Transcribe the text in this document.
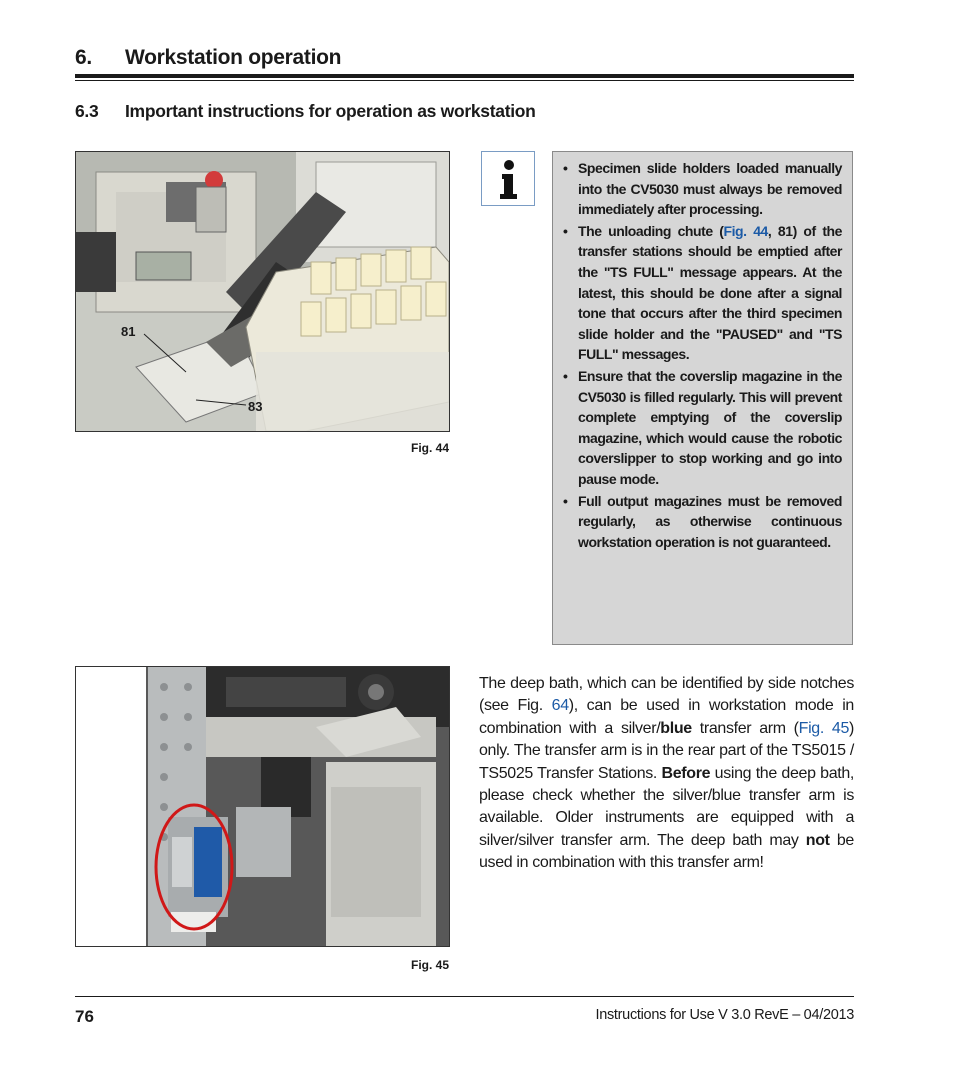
6. Workstation operation
6.3 Important instructions for operation as workstation
81
83
Fig. 44
• Specimen slide holders loaded manually into the CV5030 must always be removed immediately after processing.
• The unloading chute (Fig. 44, 81) of the transfer stations should be emptied after the "TS FULL" message appears. At the latest, this should be done after a signal tone that occurs after the third specimen slide holder and the "PAUSED" and "TS FULL" messages.
• Ensure that the coverslip magazine in the CV5030 is filled regularly. This will prevent complete emptying of the coverslip magazine, which would cause the robotic coverslipper to stop working and go into pause mode.
• Full output magazines must be removed regularly, as otherwise continuous workstation operation is not guaranteed.
Fig. 45
The deep bath, which can be identified by side notches (see Fig. 64), can be used in workstation mode in combination with a silver/blue transfer arm (Fig. 45) only. The transfer arm is in the rear part of the TS5015 / TS5025 Transfer Stations. Before using the deep bath, please check whether the silver/blue transfer arm is available. Older instruments are equipped with a silver/silver transfer arm. The deep bath may not be used in combination with this transfer arm!
76	Instructions for Use V 3.0 RevE – 04/2013
